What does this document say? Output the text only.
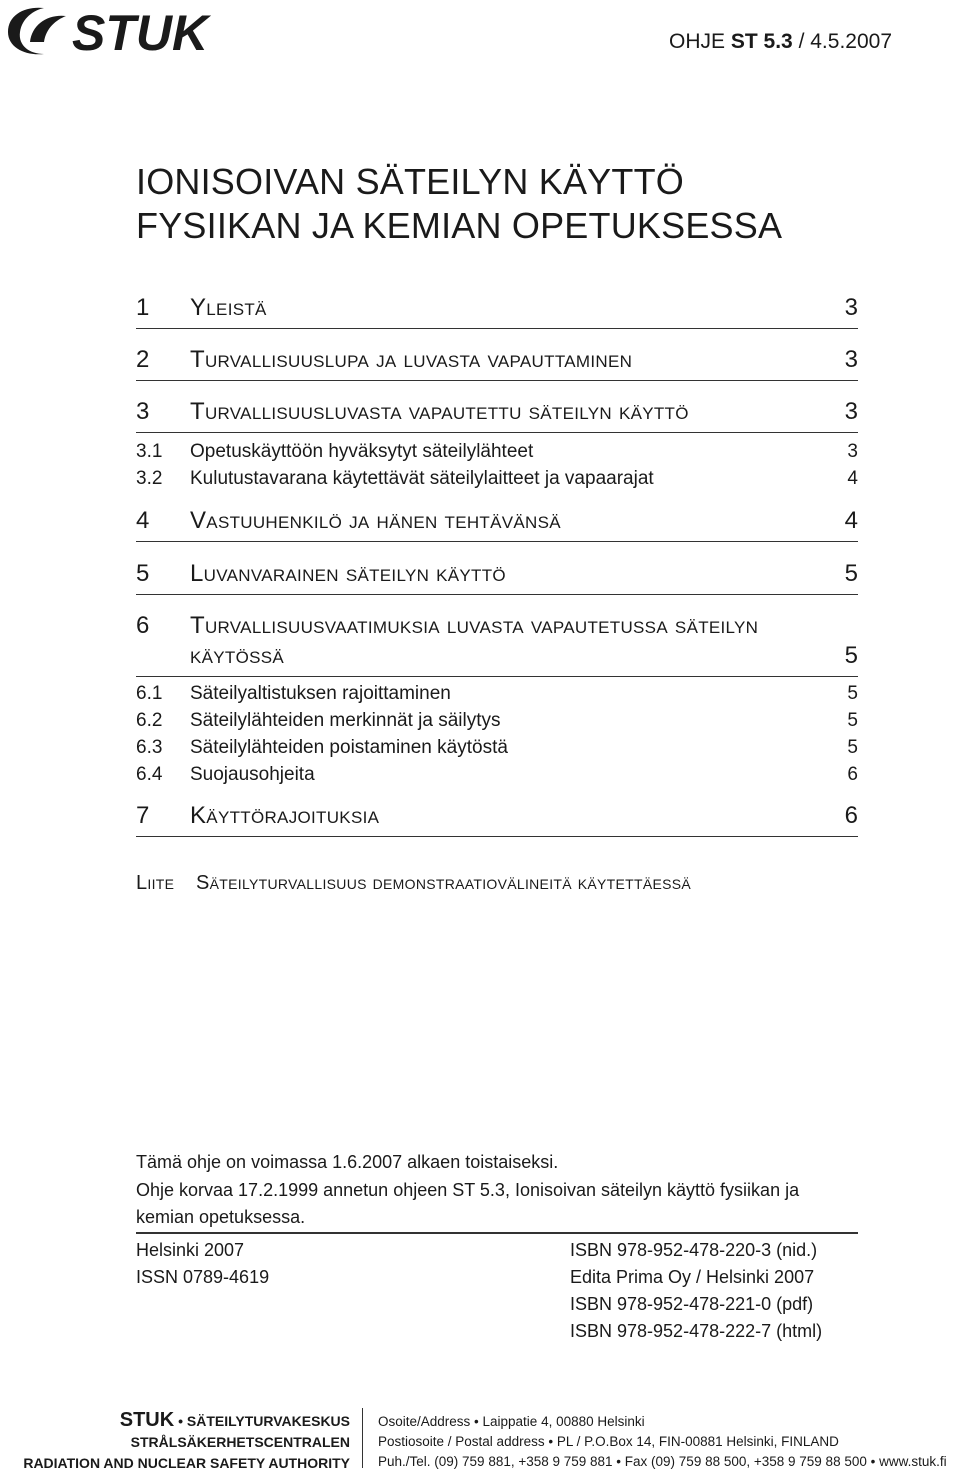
STUK	OHJE ST 5.3 / 4.5.2007
IONISOIVAN SÄTEILYN KÄYTTÖ
FYSIIKAN JA KEMIAN OPETUKSESSA
1 Yleistä	3
2 Turvallisuuslupa ja luvasta vapauttaminen	3
3 Turvallisuusluvasta vapautettu säteilyn käyttö	3
3.1 Opetuskäyttöön hyväksytyt säteilylähteet	3
3.2 Kulutustavarana käytettävät säteilylaitteet ja vapaarajat	4
4 Vastuuhenkilö ja hänen tehtävänsä	4
5 Luvanvarainen säteilyn käyttö	5
6 Turvallisuusvaatimuksia luvasta vapautetussa säteilyn
käytössä	5
6.1 Säteilyaltistuksen rajoittaminen	5
6.2 Säteilylähteiden merkinnät ja säilytys	5
6.3 Säteilylähteiden poistaminen käytöstä	5
6.4 Suojausohjeita	6
7 Käyttörajoituksia	6
Liite Säteilyturvallisuus demonstraatiovälineitä käytettäessä
Tämä ohje on voimassa 1.6.2007 alkaen toistaiseksi.
Ohje korvaa 17.2.1999 annetun ohjeen ST 5.3, Ionisoivan säteilyn käyttö fysiikan ja
kemian opetuksessa.
Helsinki 2007
ISSN 0789-4619
ISBN 978-952-478-220-3 (nid.)
Edita Prima Oy / Helsinki 2007
ISBN 978-952-478-221-0 (pdf)
ISBN 978-952-478-222-7 (html)
STUK • SÄTEILYTURVAKESKUS
STRÅLSÄKERHETSCENTRALEN
RADIATION AND NUCLEAR SAFETY AUTHORITY
Osoite/Address • Laippatie 4, 00880 Helsinki
Postiosoite / Postal address • PL / P.O.Box 14, FIN-00881 Helsinki, FINLAND
Puh./Tel. (09) 759 881, +358 9 759 881 • Fax (09) 759 88 500, +358 9 759 88 500 • www.stuk.fi
